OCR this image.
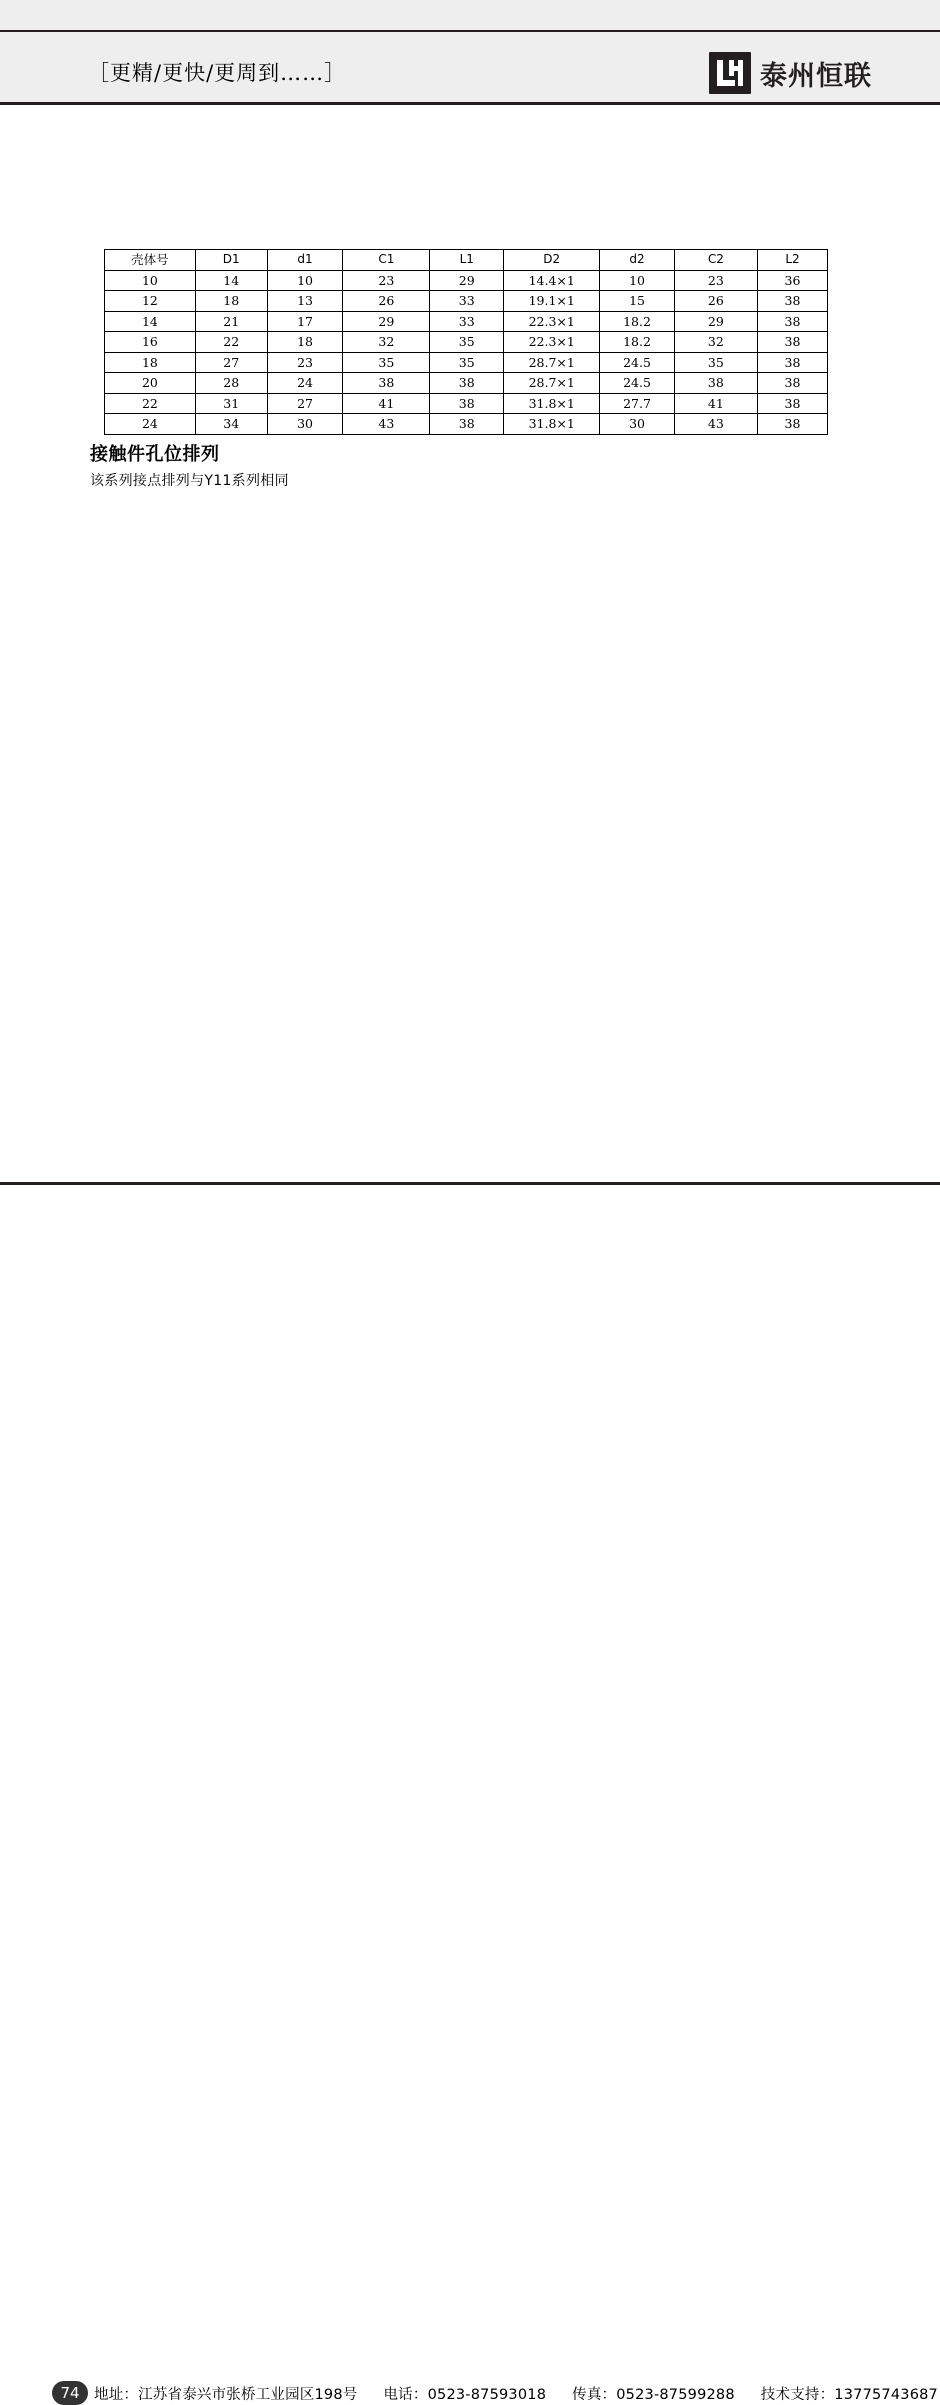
［更精/更快/更周到……］	泰州恒联
壳体号	D1	d1	C1	L1	D2	d2	C2	L2
10	14	10	23	29	14.4×1	10	23	36
12	18	13	26	33	19.1×1	15	26	38
14	21	17	29	33	22.3×1	18.2	29	38
16	22	18	32	35	22.3×1	18.2	32	38
18	27	23	35	35	28.7×1	24.5	35	38
20	28	24	38	38	28.7×1	24.5	38	38
22	31	27	41	38	31.8×1	27.7	41	38
24	34	30	43	38	31.8×1	30	43	38
接触件孔位排列
该系列接点排列与Y11系列相同
74 地址：江苏省泰兴市张桥工业园区198号 电话：0523-87593018 传真：0523-87599288 技术支持：13775743687
